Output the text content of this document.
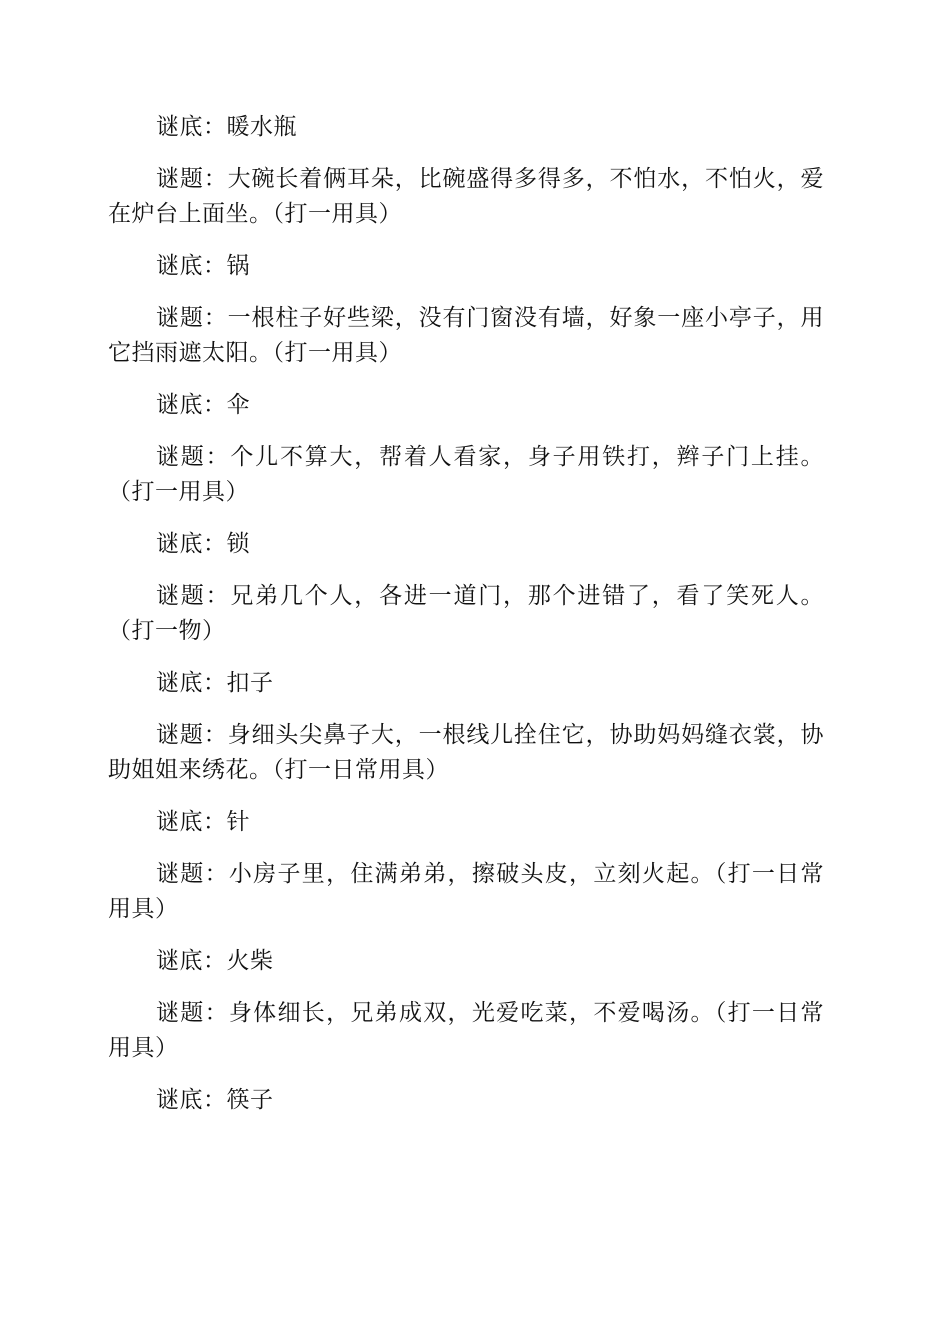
谜底：暖水瓶

谜题：大碗长着俩耳朵，比碗盛得多得多，不怕水，不怕火，爱在炉台上面坐。（打一用具）

谜底：锅

谜题：一根柱子好些梁，没有门窗没有墙，好象一座小亭子，用它挡雨遮太阳。（打一用具）

谜底：伞

谜题：个儿不算大，帮着人看家，身子用铁打，辫子门上挂。（打一用具）

谜底：锁

谜题：兄弟几个人，各进一道门，那个进错了，看了笑死人。（打一物）

谜底：扣子

谜题：身细头尖鼻子大，一根线儿拴住它，协助妈妈缝衣裳，协助姐姐来绣花。（打一日常用具）

谜底：针

谜题：小房子里，住满弟弟，擦破头皮，立刻火起。（打一日常用具）

谜底：火柴

谜题：身体细长，兄弟成双，光爱吃菜，不爱喝汤。（打一日常用具）

谜底：筷子
